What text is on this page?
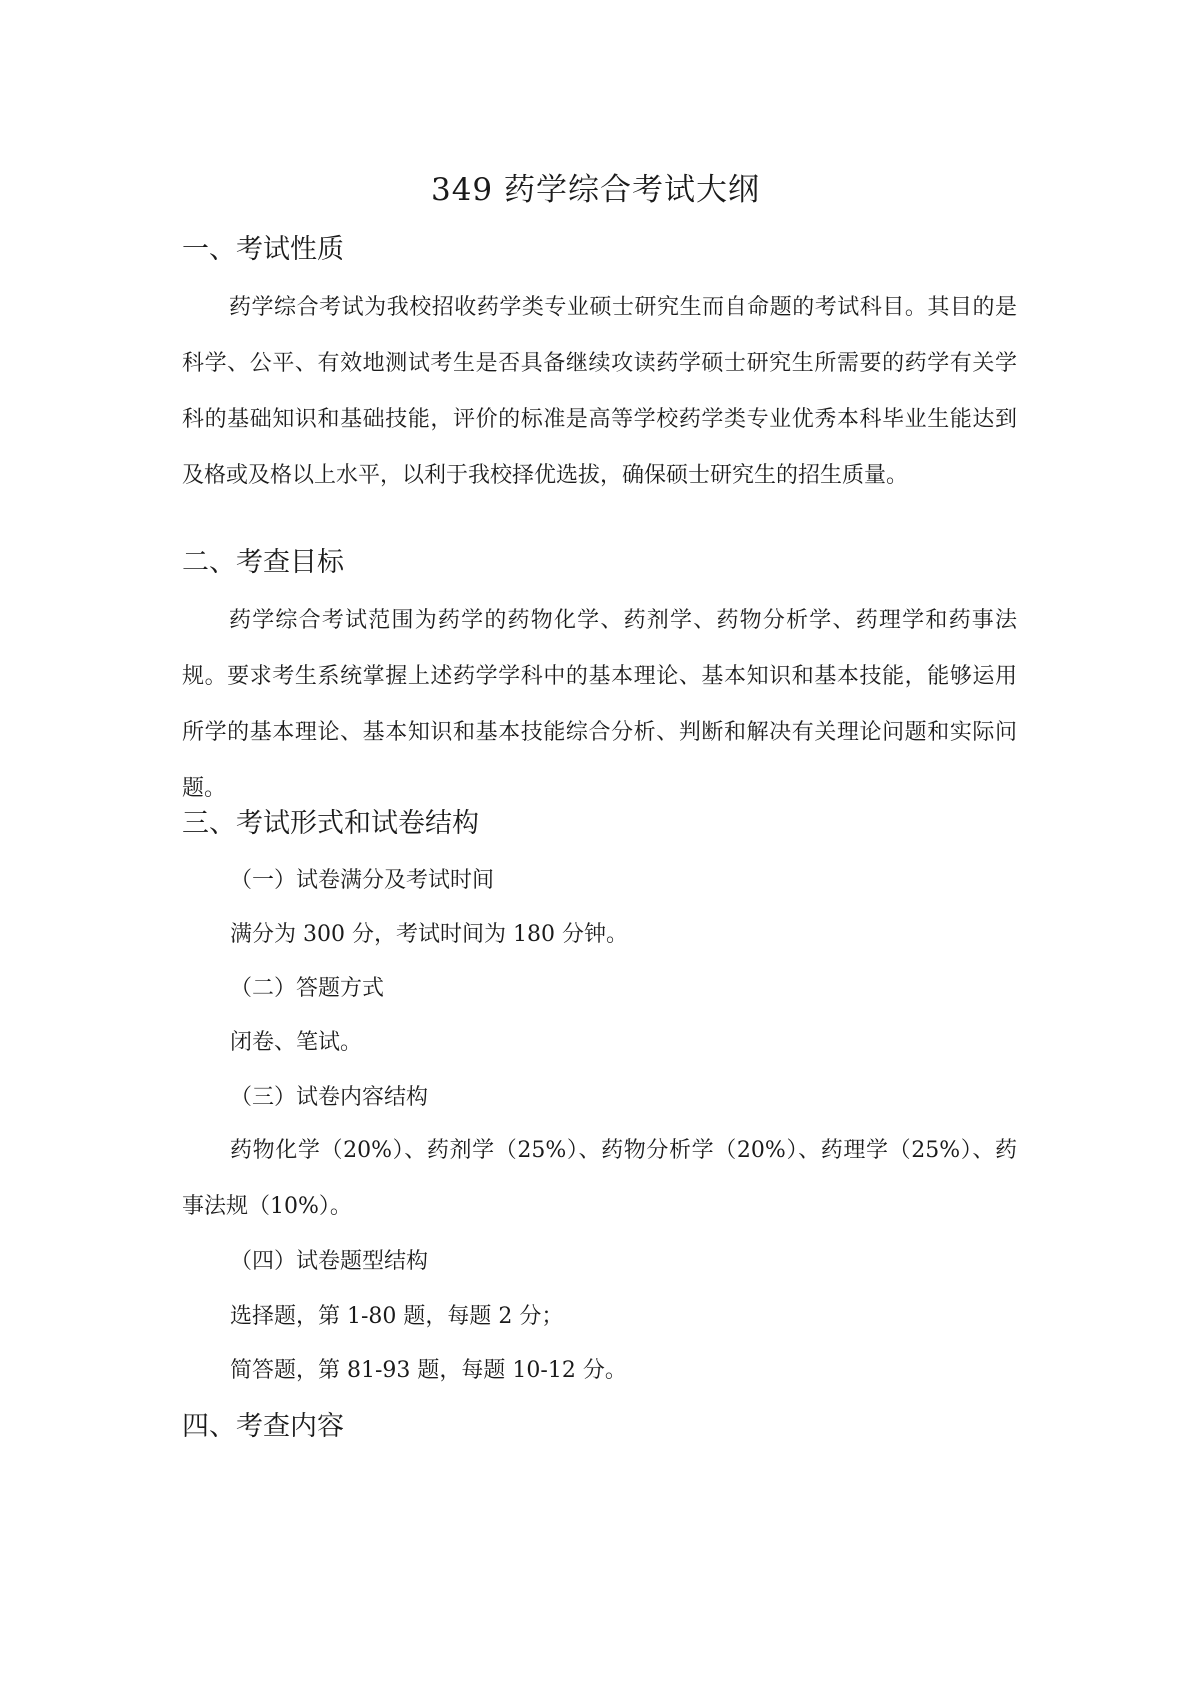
349 药学综合考试大纲
一、考试性质

药学综合考试为我校招收药学类专业硕士研究生而自命题的考试科目。其目的是科学、公平、有效地测试考生是否具备继续攻读药学硕士研究生所需要的药学有关学科的基础知识和基础技能，评价的标准是高等学校药学类专业优秀本科毕业生能达到及格或及格以上水平，以利于我校择优选拔，确保硕士研究生的招生质量。

二、考查目标

药学综合考试范围为药学的药物化学、药剂学、药物分析学、药理学和药事法规。要求考生系统掌握上述药学学科中的基本理论、基本知识和基本技能，能够运用所学的基本理论、基本知识和基本技能综合分析、判断和解决有关理论问题和实际问题。

三、考试形式和试卷结构
（一）试卷满分及考试时间
满分为 300 分，考试时间为 180 分钟。
（二）答题方式
闭卷、笔试。
（三）试卷内容结构

药物化学（20%）、药剂学（25%）、药物分析学（20%）、药理学（25%）、药事法规（10%）。

（四）试卷题型结构
选择题，第 1-80 题，每题 2 分；
简答题，第 81-93 题，每题 10-12 分。
四、考查内容
